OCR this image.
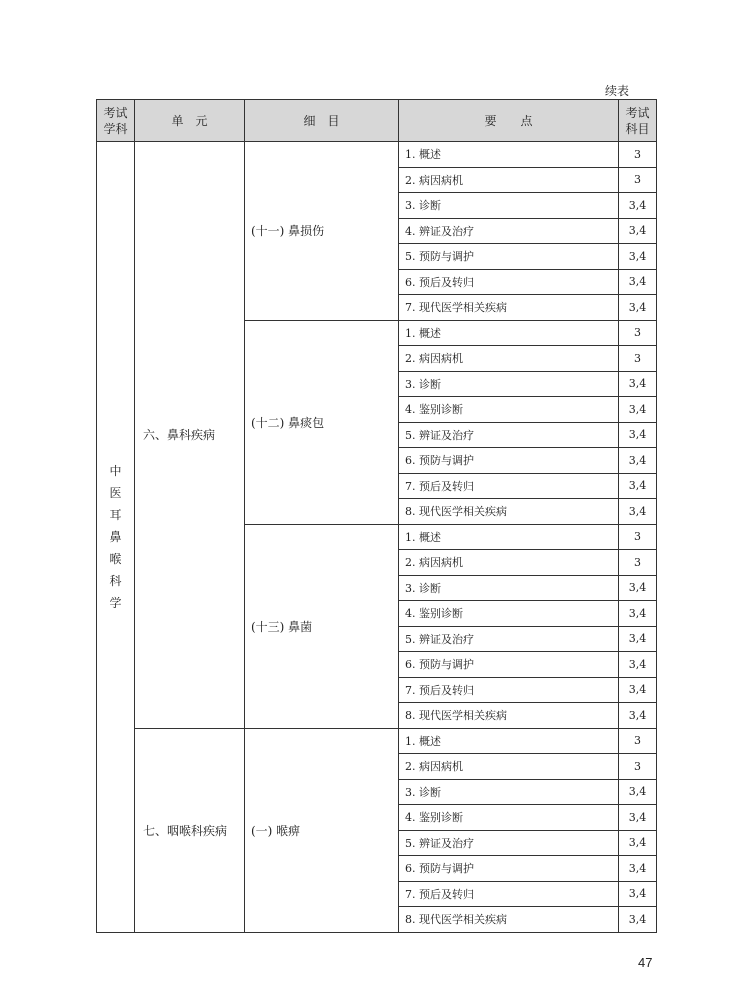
续表
考试学科	单　元	细　目	要　　点	考试科目

中医耳鼻喉科学	六、鼻科疾病	(十一) 鼻损伤	1. 概述	3
			2. 病因病机	3
			3. 诊断	3,4
			4. 辨证及治疗	3,4
			5. 预防与调护	3,4
			6. 预后及转归	3,4
			7. 现代医学相关疾病	3,4
		(十二) 鼻痰包	1. 概述	3
			2. 病因病机	3
			3. 诊断	3,4
			4. 鉴别诊断	3,4
			5. 辨证及治疗	3,4
			6. 预防与调护	3,4
			7. 预后及转归	3,4
			8. 现代医学相关疾病	3,4
		(十三) 鼻菌	1. 概述	3
			2. 病因病机	3
			3. 诊断	3,4
			4. 鉴别诊断	3,4
			5. 辨证及治疗	3,4
			6. 预防与调护	3,4
			7. 预后及转归	3,4
			8. 现代医学相关疾病	3,4
	七、咽喉科疾病	(一) 喉痹	1. 概述	3
			2. 病因病机	3
			3. 诊断	3,4
			4. 鉴别诊断	3,4
			5. 辨证及治疗	3,4
			6. 预防与调护	3,4
			7. 预后及转归	3,4
			8. 现代医学相关疾病	3,4
47
